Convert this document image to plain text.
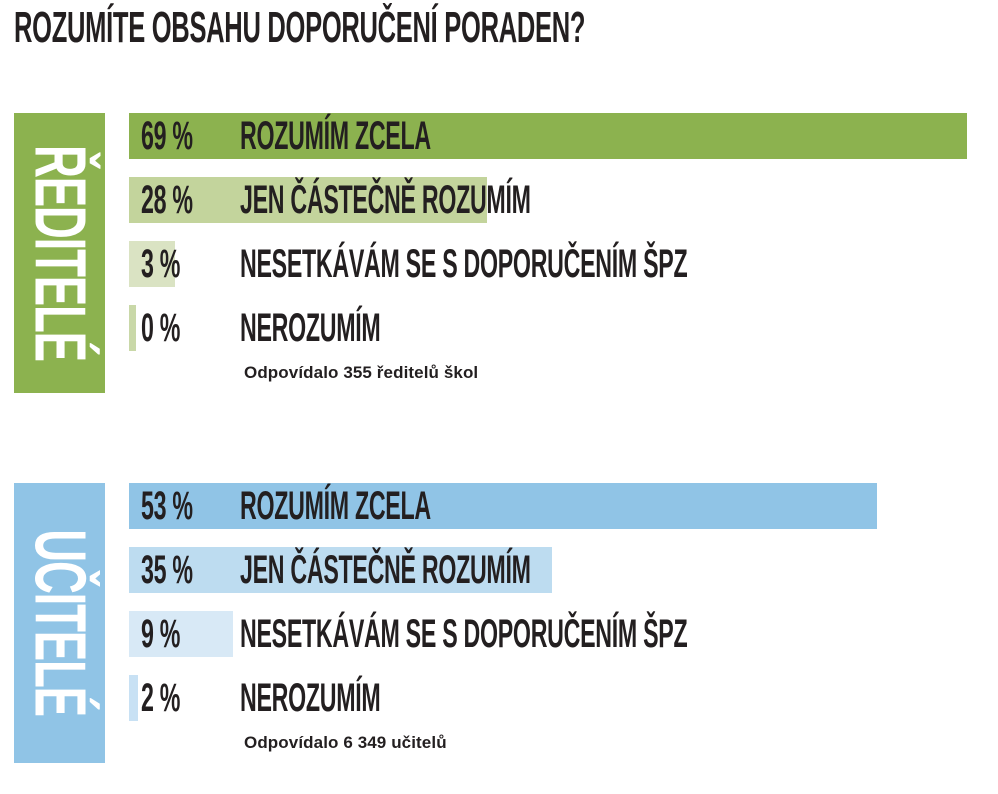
ROZUMÍTE OBSAHU DOPORUČENÍ PORADEN?
ŘEDITELÉ
69 % ROZUMÍM ZCELA
28 % JEN ČÁSTEČNĚ ROZUMÍM
3 % NESETKÁVÁM SE S DOPORUČENÍM ŠPZ
0 % NEROZUMÍM

Odpovídalo 355 ředitelů škol

UČITELÉ
53 % ROZUMÍM ZCELA
35 % JEN ČÁSTEČNĚ ROZUMÍM
9 % NESETKÁVÁM SE S DOPORUČENÍM ŠPZ
2 % NEROZUMÍM

Odpovídalo 6 349 učitelů
